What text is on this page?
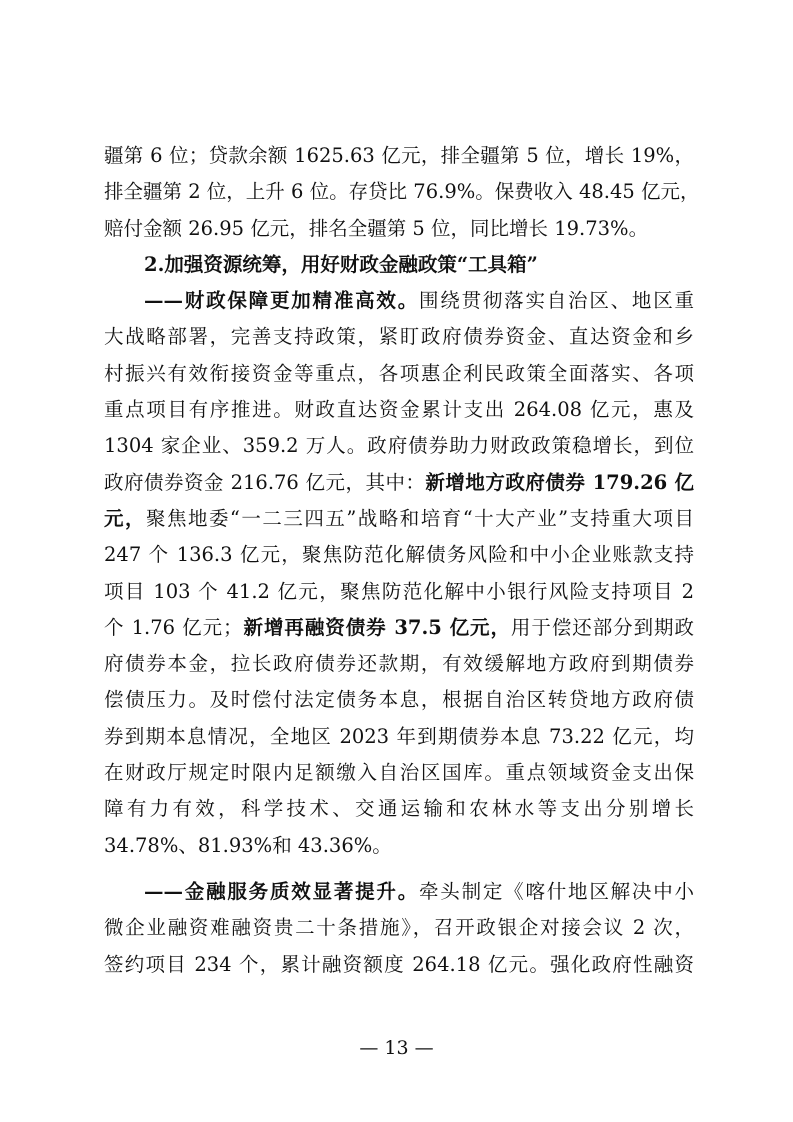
疆第 6 位；贷款余额 1625.63 亿元，排全疆第 5 位，增长 19%，
排全疆第 2 位，上升 6 位。存贷比 76.9%。保费收入 48.45 亿元，
赔付金额 26.95 亿元，排名全疆第 5 位，同比增长 19.73%。
2.加强资源统筹，用好财政金融政策“工具箱”
——财政保障更加精准高效。围绕贯彻落实自治区、地区重
大战略部署，完善支持政策，紧盯政府债券资金、直达资金和乡
村振兴有效衔接资金等重点，各项惠企利民政策全面落实、各项
重点项目有序推进。财政直达资金累计支出 264.08 亿元，惠及
1304 家企业、359.2 万人。政府债券助力财政政策稳增长，到位
政府债券资金 216.76 亿元，其中：新增地方政府债券 179.26 亿
元，聚焦地委“一二三四五”战略和培育“十大产业”支持重大项目
247 个 136.3 亿元，聚焦防范化解债务风险和中小企业账款支持
项目 103 个 41.2 亿元，聚焦防范化解中小银行风险支持项目 2
个 1.76 亿元；新增再融资债券 37.5 亿元，用于偿还部分到期政
府债券本金，拉长政府债券还款期，有效缓解地方政府到期债券
偿债压力。及时偿付法定债务本息，根据自治区转贷地方政府债
券到期本息情况，全地区 2023 年到期债券本息 73.22 亿元，均
在财政厅规定时限内足额缴入自治区国库。重点领域资金支出保
障有力有效，科学技术、交通运输和农林水等支出分别增长
34.78%、81.93%和 43.36%。
——金融服务质效显著提升。牵头制定《喀什地区解决中小
微企业融资难融资贵二十条措施》，召开政银企对接会议 2 次，
签约项目 234 个，累计融资额度 264.18 亿元。强化政府性融资
— 13 —
